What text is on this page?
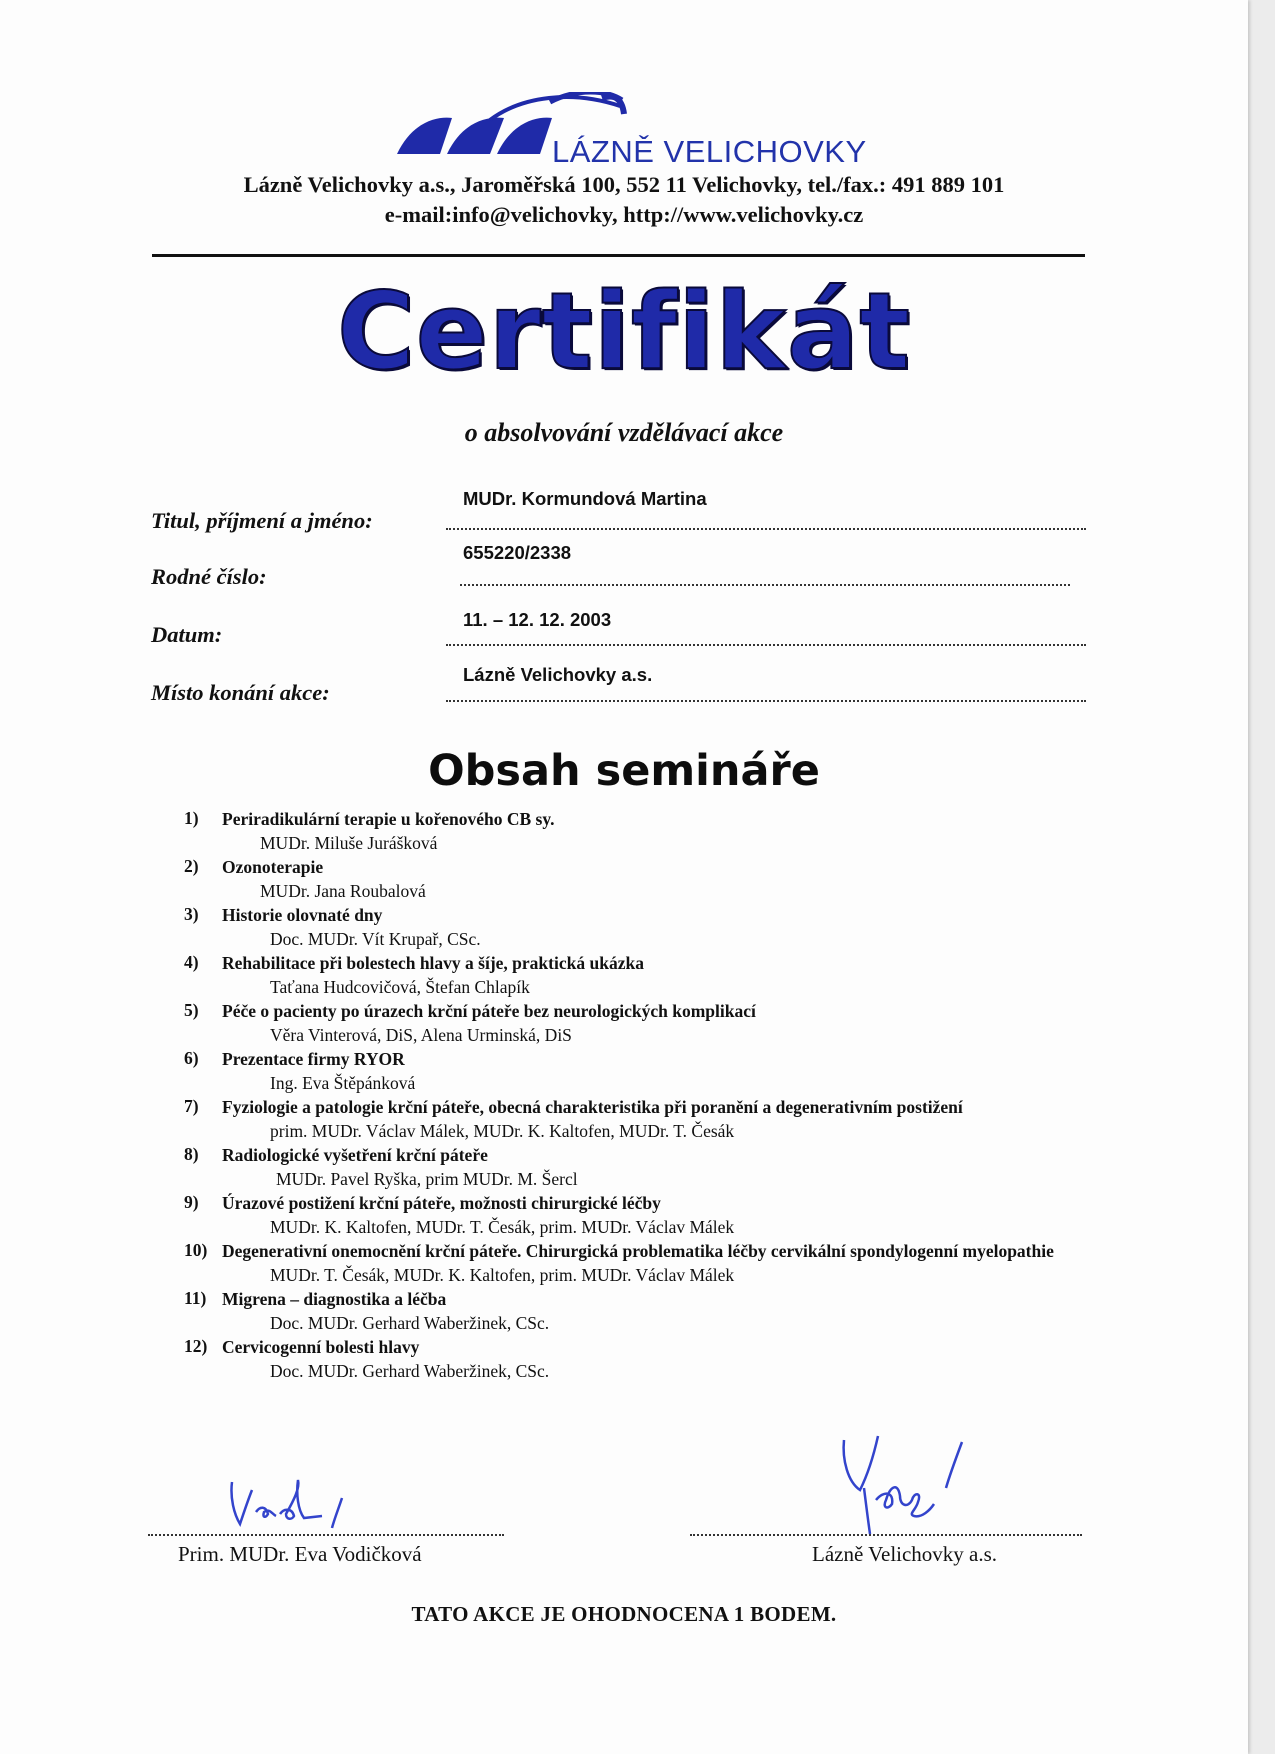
LÁZNĚ VELICHOVKY
Lázně Velichovky a.s., Jaroměřská 100, 552 11 Velichovky, tel./fax.: 491 889 101
e-mail:info@velichovky, http://www.velichovky.cz
Certifikát
o absolvování vzdělávací akce
Titul, příjmení a jméno:
MUDr. Kormundová Martina
Rodné číslo:
655220/2338
Datum:
11. – 12. 12. 2003
Místo konání akce:
Lázně Velichovky a.s.
Obsah semináře
1) Periradikulární terapie u kořenového CB sy.
MUDr. Miluše Jurášková
2) Ozonoterapie
MUDr. Jana Roubalová
3) Historie olovnaté dny
Doc. MUDr. Vít Krupař, CSc.
4) Rehabilitace při bolestech hlavy a šíje, praktická ukázka
Taťana Hudcovičová, Štefan Chlapík
5) Péče o pacienty po úrazech krční páteře bez neurologických komplikací
Věra Vinterová, DiS, Alena Urminská, DiS
6) Prezentace firmy RYOR
Ing. Eva Štěpánková
7) Fyziologie a patologie krční páteře, obecná charakteristika při poranění a degenerativním postižení
prim. MUDr. Václav Málek, MUDr. K. Kaltofen, MUDr. T. Česák
8) Radiologické vyšetření krční páteře
MUDr. Pavel Ryška, prim MUDr. M. Šercl
9) Úrazové postižení krční páteře, možnosti chirurgické léčby
MUDr. K. Kaltofen, MUDr. T. Česák, prim. MUDr. Václav Málek
10) Degenerativní onemocnění krční páteře. Chirurgická problematika léčby cervikální spondylogenní myelopathie
MUDr. T. Česák, MUDr. K. Kaltofen, prim. MUDr. Václav Málek
11) Migrena – diagnostika a léčba
Doc. MUDr. Gerhard Waberžinek, CSc.
12) Cervicogenní bolesti hlavy
Doc. MUDr. Gerhard Waberžinek, CSc.
Prim. MUDr. Eva Vodičková	Lázně Velichovky a.s.
TATO AKCE JE OHODNOCENA 1 BODEM.
